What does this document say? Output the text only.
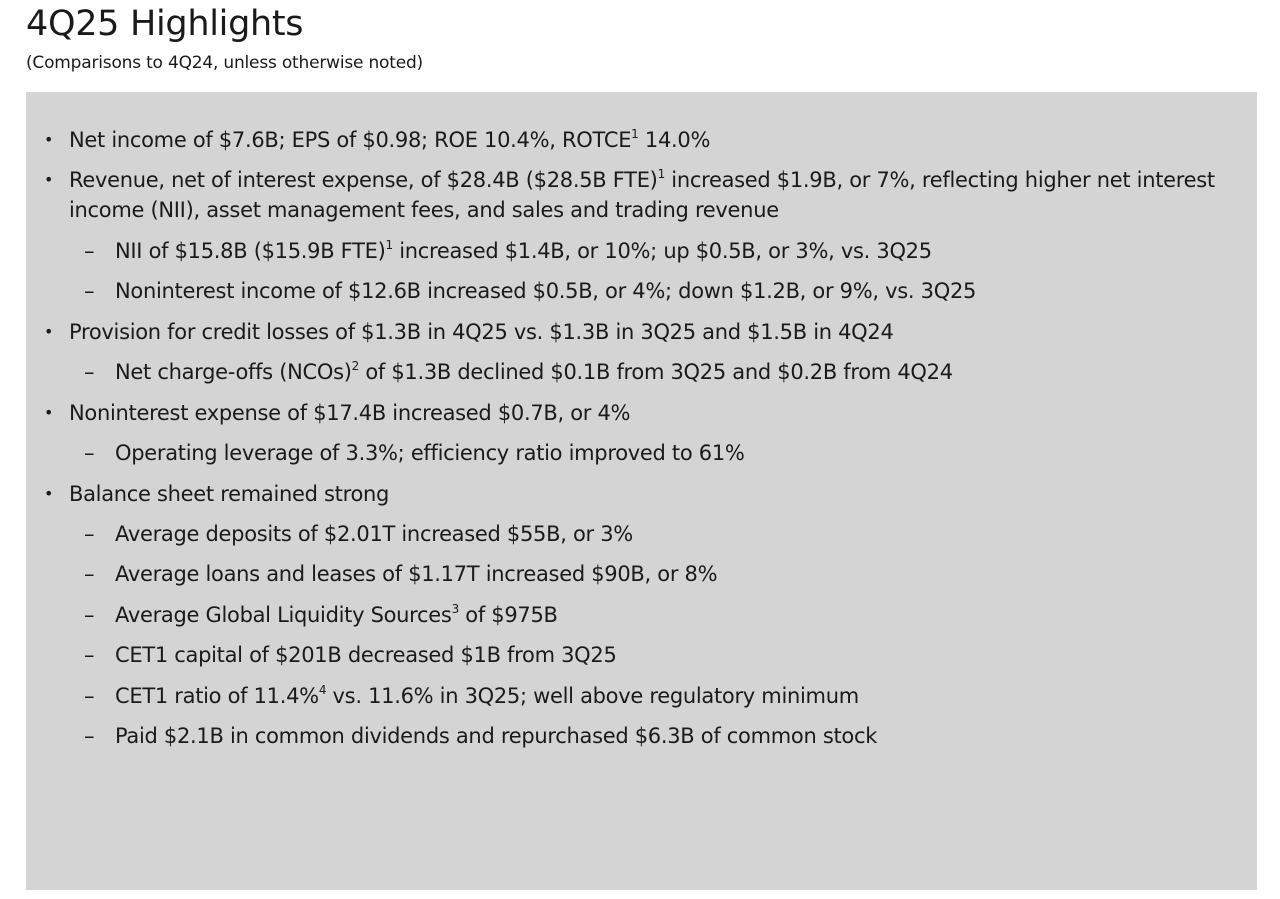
4Q25 Highlights
(Comparisons to 4Q24, unless otherwise noted)
• Net income of $7.6B; EPS of $0.98; ROE 10.4%, ROTCE$^1$ 14.0%
• Revenue, net of interest expense, of $28.4B ($28.5B FTE)$^1$ increased $1.9B, or 7%, reflecting higher net interest income (NII), asset management fees, and sales and trading revenue
– NII of $15.8B ($15.9B FTE)$^1$ increased $1.4B, or 10%; up $0.5B, or 3%, vs. 3Q25
– Noninterest income of $12.6B increased $0.5B, or 4%; down $1.2B, or 9%, vs. 3Q25
• Provision for credit losses of $1.3B in 4Q25 vs. $1.3B in 3Q25 and $1.5B in 4Q24
– Net charge-offs (NCOs)$^2$ of $1.3B declined $0.1B from 3Q25 and $0.2B from 4Q24
• Noninterest expense of $17.4B increased $0.7B, or 4%
– Operating leverage of 3.3%; efficiency ratio improved to 61%
• Balance sheet remained strong
– Average deposits of $2.01T increased $55B, or 3%
– Average loans and leases of $1.17T increased $90B, or 8%
– Average Global Liquidity Sources$^3$ of $975B
– CET1 capital of $201B decreased $1B from 3Q25
– CET1 ratio of 11.4%$^4$ vs. 11.6% in 3Q25; well above regulatory minimum
– Paid $2.1B in common dividends and repurchased $6.3B of common stock
